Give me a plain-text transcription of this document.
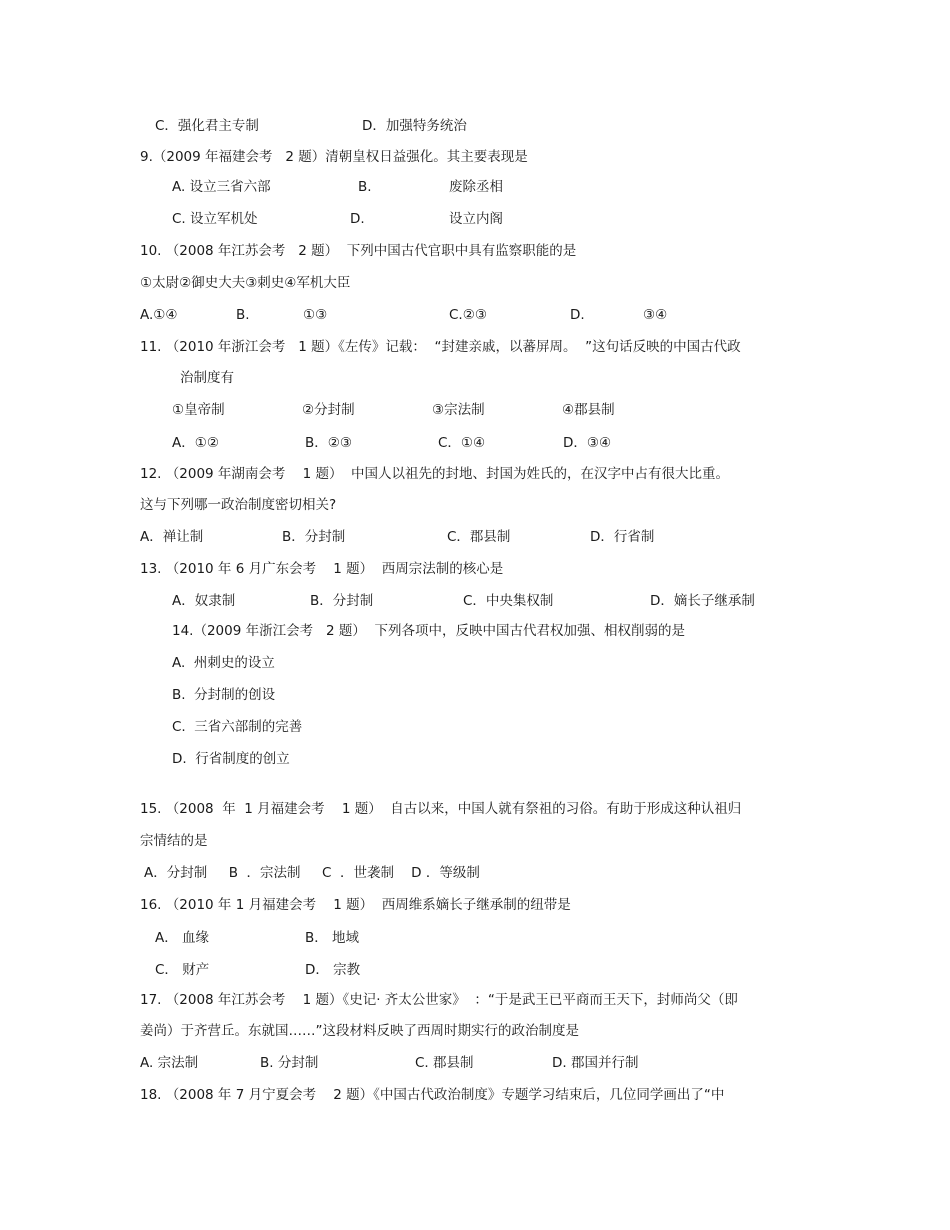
C．强化君主专制	D．加强特务统治
9.（2009 年福建会考   2 题）清朝皇权日益强化。其主要表现是
A. 设立三省六部	B.	废除丞相
C. 设立军机处	D.	设立内阁
10. （2008 年江苏会考   2 题）  下列中国古代官职中具有监察职能的是
①太尉②御史大夫③刺史④军机大臣
A.①④	B.	①③	C.②③	D.	③④
11. （2010 年浙江会考   1 题）《左传》记载：  “封建亲戚，以蕃屏周。  ”这句话反映的中国古代政
治制度有
①皇帝制	②分封制	③宗法制	④郡县制
A．①②	B．②③	C．①④	D．③④
12. （2009 年湖南会考    1 题）  中国人以祖先的封地、封国为姓氏的，在汉字中占有很大比重。
这与下列哪一政治制度密切相关?
A．禅让制	B．分封制	C．郡县制	D．行省制
13. （2010 年 6 月广东会考    1 题）  西周宗法制的核心是
A．奴隶制	B．分封制	C．中央集权制	D．嫡长子继承制
14.（2009 年浙江会考   2 题）  下列各项中，反映中国古代君权加强、相权削弱的是
A.  州刺史的设立
B.  分封制的创设
C.  三省六部制的完善
D.  行省制度的创立
15. （2008  年  1 月福建会考    1 题）  自古以来，中国人就有祭祖的习俗。有助于形成这种认祖归
宗情结的是
A．分封制     B  ．宗法制     C  ．世袭制    D ．等级制
16. （2010 年 1 月福建会考    1 题）  西周维系嫡长子继承制的纽带是
A． 血缘	B． 地域
C． 财产	D． 宗教
17. （2008 年江苏会考    1 题）《史记· 齐太公世家》  ：“于是武王已平商而王天下，封师尚父（即
姜尚）于齐营丘。东就国……”这段材料反映了西周时期实行的政治制度是
A. 宗法制	B. 分封制	C. 郡县制	D. 郡国并行制
18. （2008 年 7 月宁夏会考    2 题）《中国古代政治制度》专题学习结束后，几位同学画出了“中
